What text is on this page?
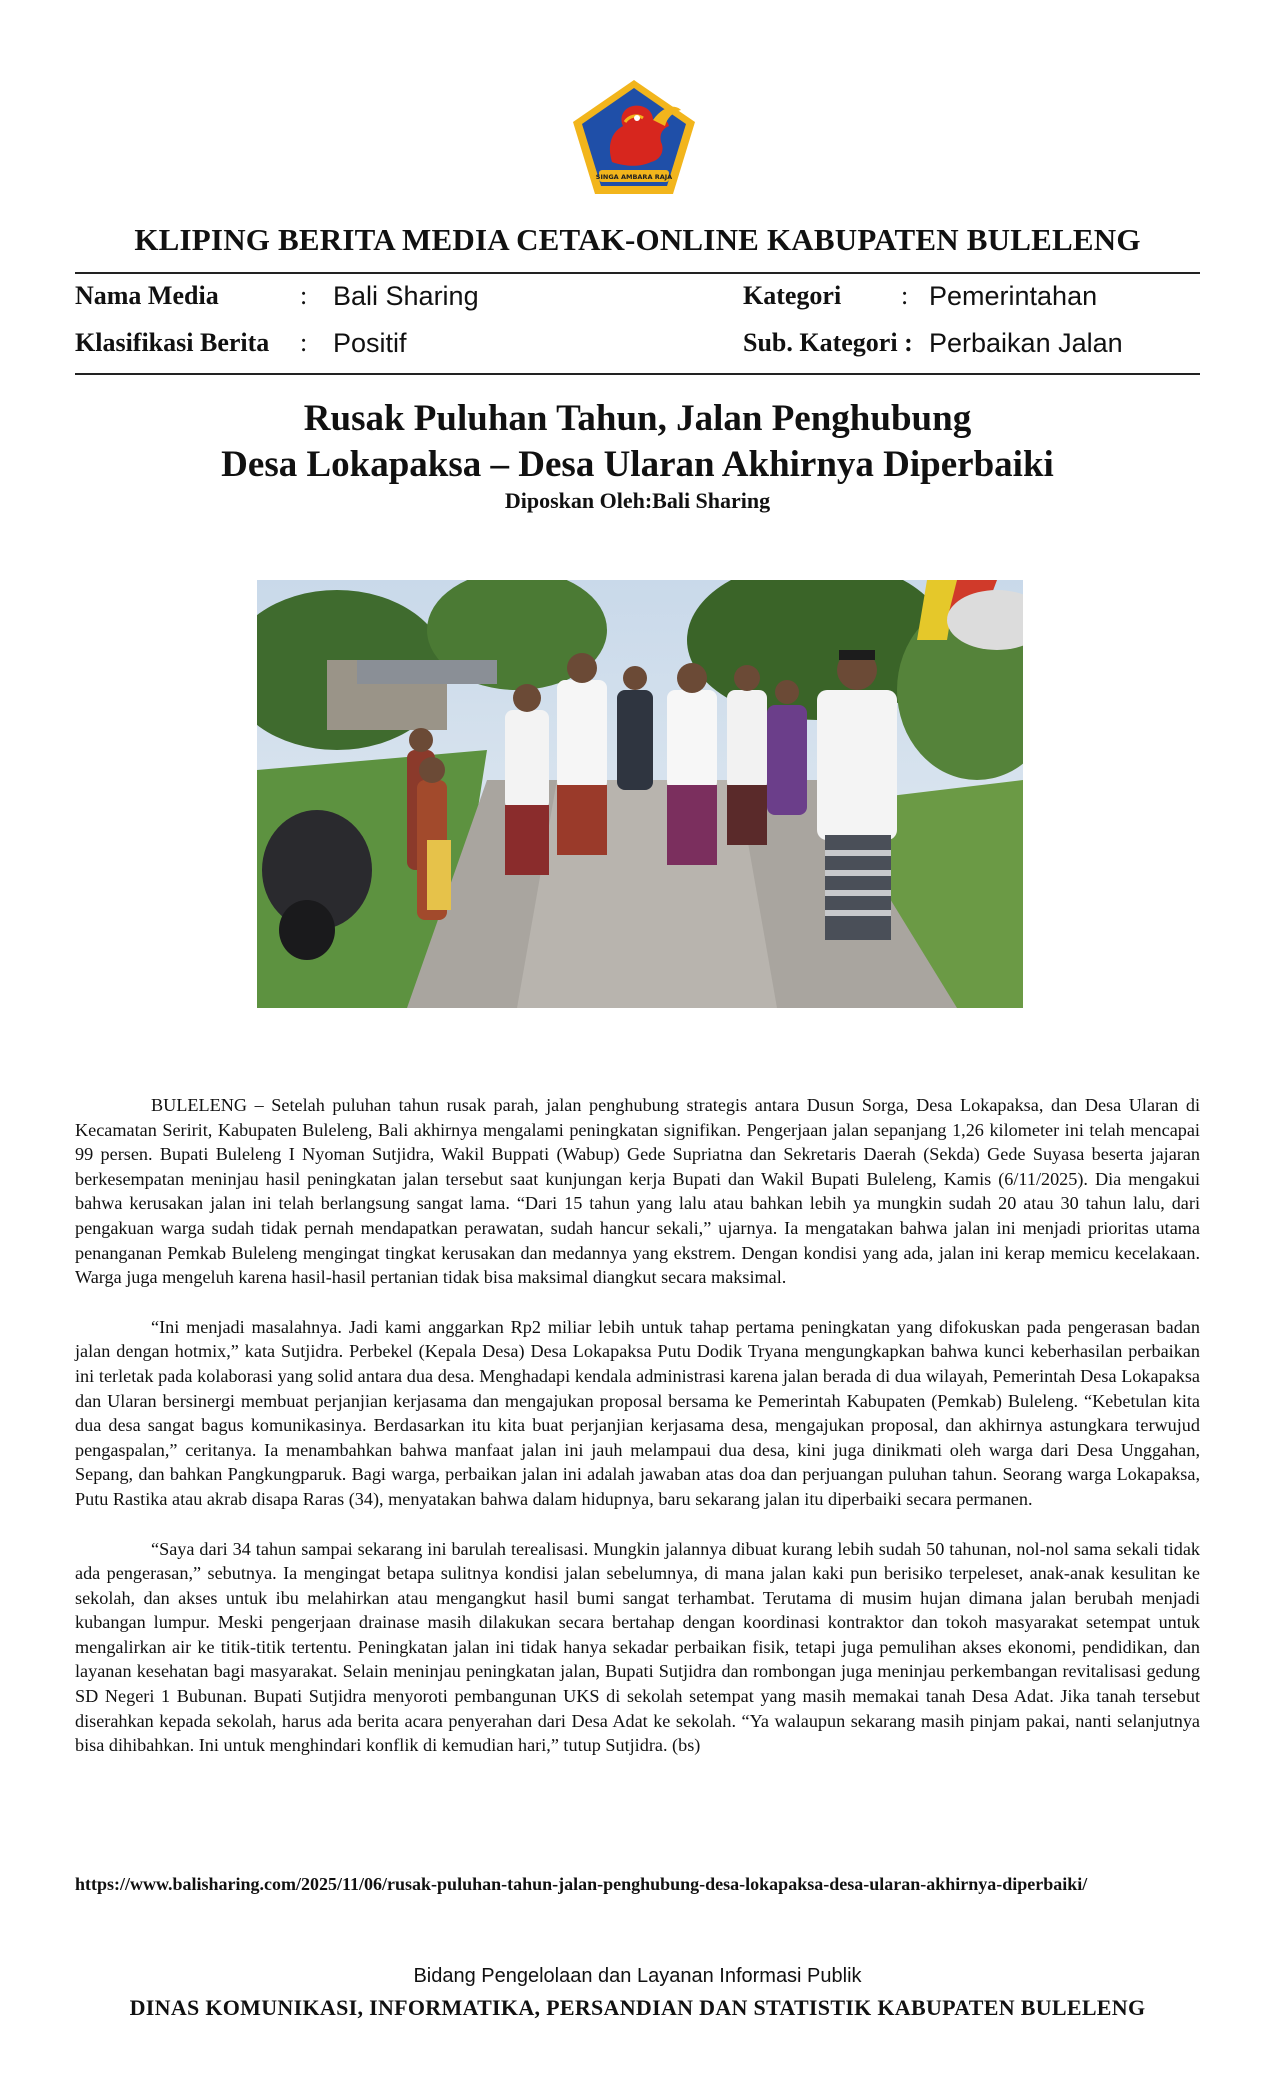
SINGA AMBARA RAJA
KLIPING BERITA MEDIA CETAK-ONLINE KABUPATEN BULELENG
Nama Media	: Bali Sharing	Kategori : Pemerintahan
Klasifikasi Berita : Positif	Sub. Kategori : Perbaikan Jalan
Rusak Puluhan Tahun, Jalan Penghubung
Desa Lokapaksa – Desa Ularan Akhirnya Diperbaiki
Diposkan Oleh:Bali Sharing

BULELENG – Setelah puluhan tahun rusak parah, jalan penghubung strategis antara Dusun Sorga, Desa Lokapaksa, dan Desa Ularan di Kecamatan Seririt, Kabupaten Buleleng, Bali akhirnya mengalami peningkatan signifikan. Pengerjaan jalan sepanjang 1,26 kilometer ini telah mencapai 99 persen. Bupati Buleleng I Nyoman Sutjidra, Wakil Buppati (Wabup) Gede Supriatna dan Sekretaris Daerah (Sekda) Gede Suyasa beserta jajaran berkesempatan meninjau hasil peningkatan jalan tersebut saat kunjungan kerja Bupati dan Wakil Bupati Buleleng, Kamis (6/11/2025). Dia mengakui bahwa kerusakan jalan ini telah berlangsung sangat lama. “Dari 15 tahun yang lalu atau bahkan lebih ya mungkin sudah 20 atau 30 tahun lalu, dari pengakuan warga sudah tidak pernah mendapatkan perawatan, sudah hancur sekali,” ujarnya. Ia mengatakan bahwa jalan ini menjadi prioritas utama penanganan Pemkab Buleleng mengingat tingkat kerusakan dan medannya yang ekstrem. Dengan kondisi yang ada, jalan ini kerap memicu kecelakaan. Warga juga mengeluh karena hasil-hasil pertanian tidak bisa maksimal diangkut secara maksimal.

“Ini menjadi masalahnya. Jadi kami anggarkan Rp2 miliar lebih untuk tahap pertama peningkatan yang difokuskan pada pengerasan badan jalan dengan hotmix,” kata Sutjidra. Perbekel (Kepala Desa) Desa Lokapaksa Putu Dodik Tryana mengungkapkan bahwa kunci keberhasilan perbaikan ini terletak pada kolaborasi yang solid antara dua desa. Menghadapi kendala administrasi karena jalan berada di dua wilayah, Pemerintah Desa Lokapaksa dan Ularan bersinergi membuat perjanjian kerjasama dan mengajukan proposal bersama ke Pemerintah Kabupaten (Pemkab) Buleleng. “Kebetulan kita dua desa sangat bagus komunikasinya. Berdasarkan itu kita buat perjanjian kerjasama desa, mengajukan proposal, dan akhirnya astungkara terwujud pengaspalan,” ceritanya. Ia menambahkan bahwa manfaat jalan ini jauh melampaui dua desa, kini juga dinikmati oleh warga dari Desa Unggahan, Sepang, dan bahkan Pangkungparuk. Bagi warga, perbaikan jalan ini adalah jawaban atas doa dan perjuangan puluhan tahun. Seorang warga Lokapaksa, Putu Rastika atau akrab disapa Raras (34), menyatakan bahwa dalam hidupnya, baru sekarang jalan itu diperbaiki secara permanen.

“Saya dari 34 tahun sampai sekarang ini barulah terealisasi. Mungkin jalannya dibuat kurang lebih sudah 50 tahunan, nol-nol sama sekali tidak ada pengerasan,” sebutnya. Ia mengingat betapa sulitnya kondisi jalan sebelumnya, di mana jalan kaki pun berisiko terpeleset, anak-anak kesulitan ke sekolah, dan akses untuk ibu melahirkan atau mengangkut hasil bumi sangat terhambat. Terutama di musim hujan dimana jalan berubah menjadi kubangan lumpur. Meski pengerjaan drainase masih dilakukan secara bertahap dengan koordinasi kontraktor dan tokoh masyarakat setempat untuk mengalirkan air ke titik-titik tertentu. Peningkatan jalan ini tidak hanya sekadar perbaikan fisik, tetapi juga pemulihan akses ekonomi, pendidikan, dan layanan kesehatan bagi masyarakat. Selain meninjau peningkatan jalan, Bupati Sutjidra dan rombongan juga meninjau perkembangan revitalisasi gedung SD Negeri 1 Bubunan. Bupati Sutjidra menyoroti pembangunan UKS di sekolah setempat yang masih memakai tanah Desa Adat. Jika tanah tersebut diserahkan kepada sekolah, harus ada berita acara penyerahan dari Desa Adat ke sekolah. “Ya walaupun sekarang masih pinjam pakai, nanti selanjutnya bisa dihibahkan. Ini untuk menghindari konflik di kemudian hari,” tutup Sutjidra. (bs)

https://www.balisharing.com/2025/11/06/rusak-puluhan-tahun-jalan-penghubung-desa-lokapaksa-desa-ularan-akhirnya-diperbaiki/
Bidang Pengelolaan dan Layanan Informasi Publik
DINAS KOMUNIKASI, INFORMATIKA, PERSANDIAN DAN STATISTIK KABUPATEN BULELENG
